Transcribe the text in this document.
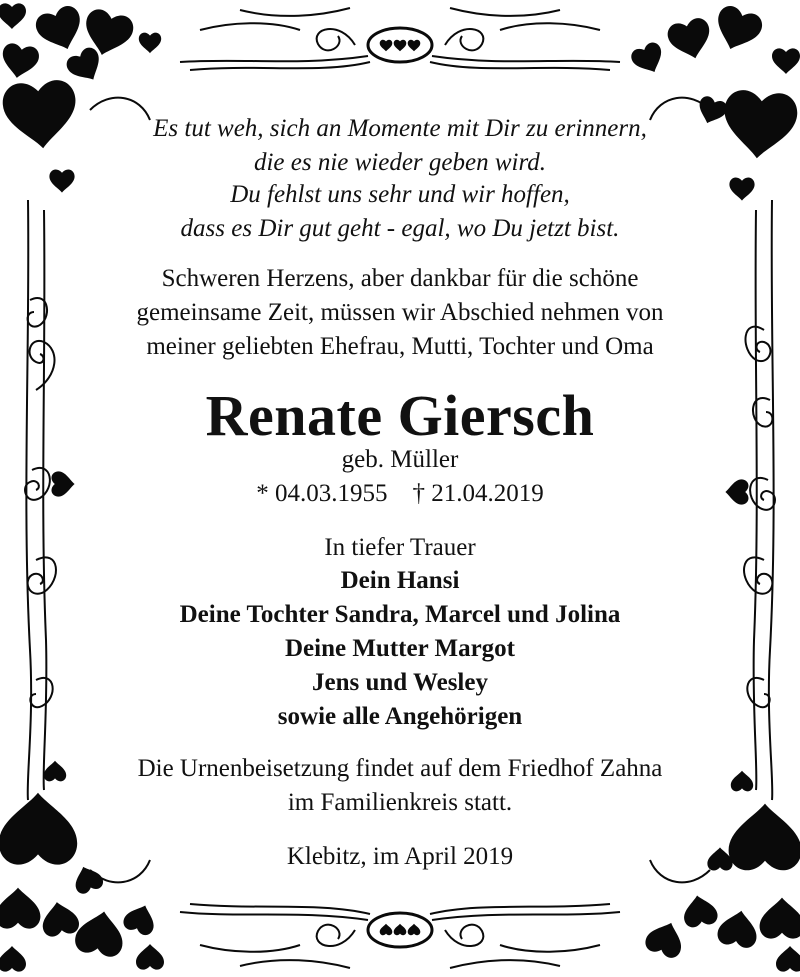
Es tut weh, sich an Momente mit Dir zu erinnern,
die es nie wieder geben wird.
Du fehlst uns sehr und wir hoffen,
dass es Dir gut geht - egal, wo Du jetzt bist.
Schweren Herzens, aber dankbar für die schöne
gemeinsame Zeit, müssen wir Abschied nehmen von
meiner geliebten Ehefrau, Mutti, Tochter und Oma
Renate Giersch
geb. Müller
* 04.03.1955    † 21.04.2019
In tiefer Trauer
Dein Hansi
Deine Tochter Sandra, Marcel und Jolina
Deine Mutter Margot
Jens und Wesley
sowie alle Angehörigen
Die Urnenbeisetzung findet auf dem Friedhof Zahna
im Familienkreis statt.
Klebitz, im April 2019
